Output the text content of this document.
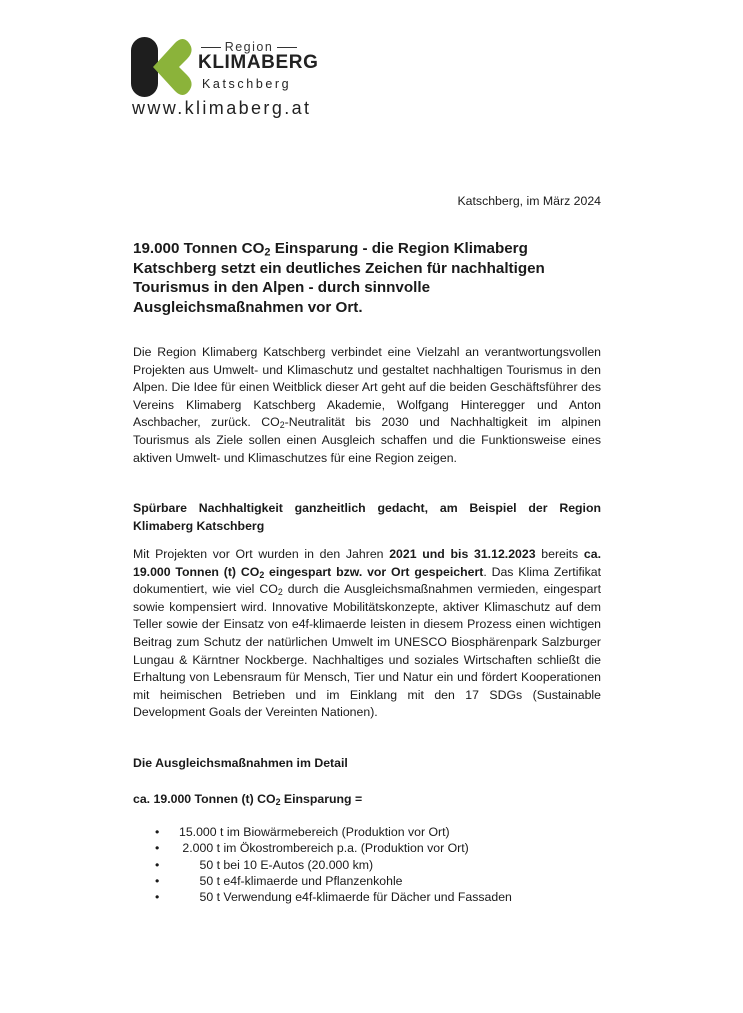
Region
KLIMABERG
Katschberg
www.klimaberg.at
Katschberg, im März 2024
19.000 Tonnen $CO_2$ Einsparung - die Region Klimaberg Katschberg setzt ein deutliches Zeichen für nachhaltigen Tourismus in den Alpen - durch sinnvolle Ausgleichsmaßnahmen vor Ort.

Die Region Klimaberg Katschberg verbindet eine Vielzahl an verantwortungsvollen Projekten aus Umwelt- und Klimaschutz und gestaltet nachhaltigen Tourismus in den Alpen. Die Idee für einen Weitblick dieser Art geht auf die beiden Geschäftsführer des Vereins Klimaberg Katschberg Akademie, Wolfgang Hinteregger und Anton Aschbacher, zurück. $CO_2$-Neutralität bis 2030 und Nachhaltigkeit im alpinen Tourismus als Ziele sollen einen Ausgleich schaffen und die Funktionsweise eines aktiven Umwelt- und Klimaschutzes für eine Region zeigen.

Spürbare Nachhaltigkeit ganzheitlich gedacht, am Beispiel der Region Klimaberg Katschberg

Mit Projekten vor Ort wurden in den Jahren 2021 und bis 31.12.2023 bereits ca. 19.000 Tonnen (t) $CO_2$ eingespart bzw. vor Ort gespeichert. Das Klima Zertifikat dokumentiert, wie viel $CO_2$ durch die Ausgleichsmaßnahmen vermieden, eingespart sowie kompensiert wird. Innovative Mobilitätskonzepte, aktiver Klimaschutz auf dem Teller sowie der Einsatz von e4f-klimaerde leisten in diesem Prozess einen wichtigen Beitrag zum Schutz der natürlichen Umwelt im UNESCO Biosphärenpark Salzburger Lungau & Kärntner Nockberge. Nachhaltiges und soziales Wirtschaften schließt die Erhaltung von Lebensraum für Mensch, Tier und Natur ein und fördert Kooperationen mit heimischen Betrieben und im Einklang mit den 17 SDGs (Sustainable Development Goals der Vereinten Nationen).

Die Ausgleichsmaßnahmen im Detail

ca. 19.000 Tonnen (t) $CO_2$ Einsparung =

• 15.000 t im Biowärmebereich (Produktion vor Ort)
• 2.000 t im Ökostrombereich p.a. (Produktion vor Ort)
• 50 t bei 10 E-Autos (20.000 km)
• 50 t e4f-klimaerde und Pflanzenkohle
• 50 t Verwendung e4f-klimaerde für Dächer und Fassaden
